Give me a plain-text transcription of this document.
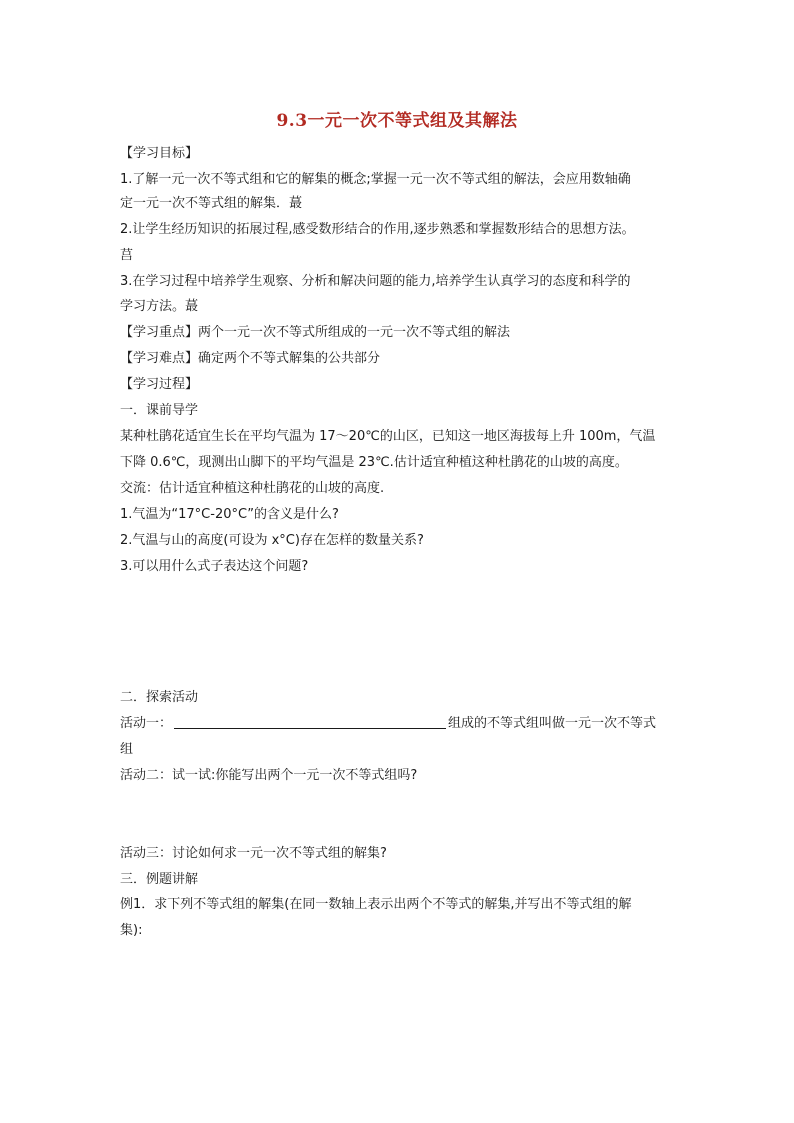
9.3一元一次不等式组及其解法
【学习目标】
1.了解一元一次不等式组和它的解集的概念;掌握一元一次不等式组的解法，会应用数轴确
定一元一次不等式组的解集．蕞
2.让学生经历知识的拓展过程,感受数形结合的作用,逐步熟悉和掌握数形结合的思想方法。
莒
3.在学习过程中培养学生观察、分析和解决问题的能力,培养学生认真学习的态度和科学的
学习方法。蕞
【学习重点】两个一元一次不等式所组成的一元一次不等式组的解法
【学习难点】确定两个不等式解集的公共部分
【学习过程】
一．课前导学
某种杜鹃花适宜生长在平均气温为 17～20℃的山区，已知这一地区海拔每上升 100m，气温
下降 0.6℃，现测出山脚下的平均气温是 23℃.估计适宜种植这种杜鹃花的山坡的高度。
交流：估计适宜种植这种杜鹃花的山坡的高度.
1.气温为“17°C-20°C”的含义是什么?
2.气温与山的高度(可设为 x°C)存在怎样的数量关系?
3.可以用什么式子表达这个问题?
二．探索活动
活动一：	组成的不等式组叫做一元一次不等式
组
活动二：试一试:你能写出两个一元一次不等式组吗?
活动三：讨论如何求一元一次不等式组的解集?
三．例题讲解
例1．求下列不等式组的解集(在同一数轴上表示出两个不等式的解集,并写出不等式组的解
集):
